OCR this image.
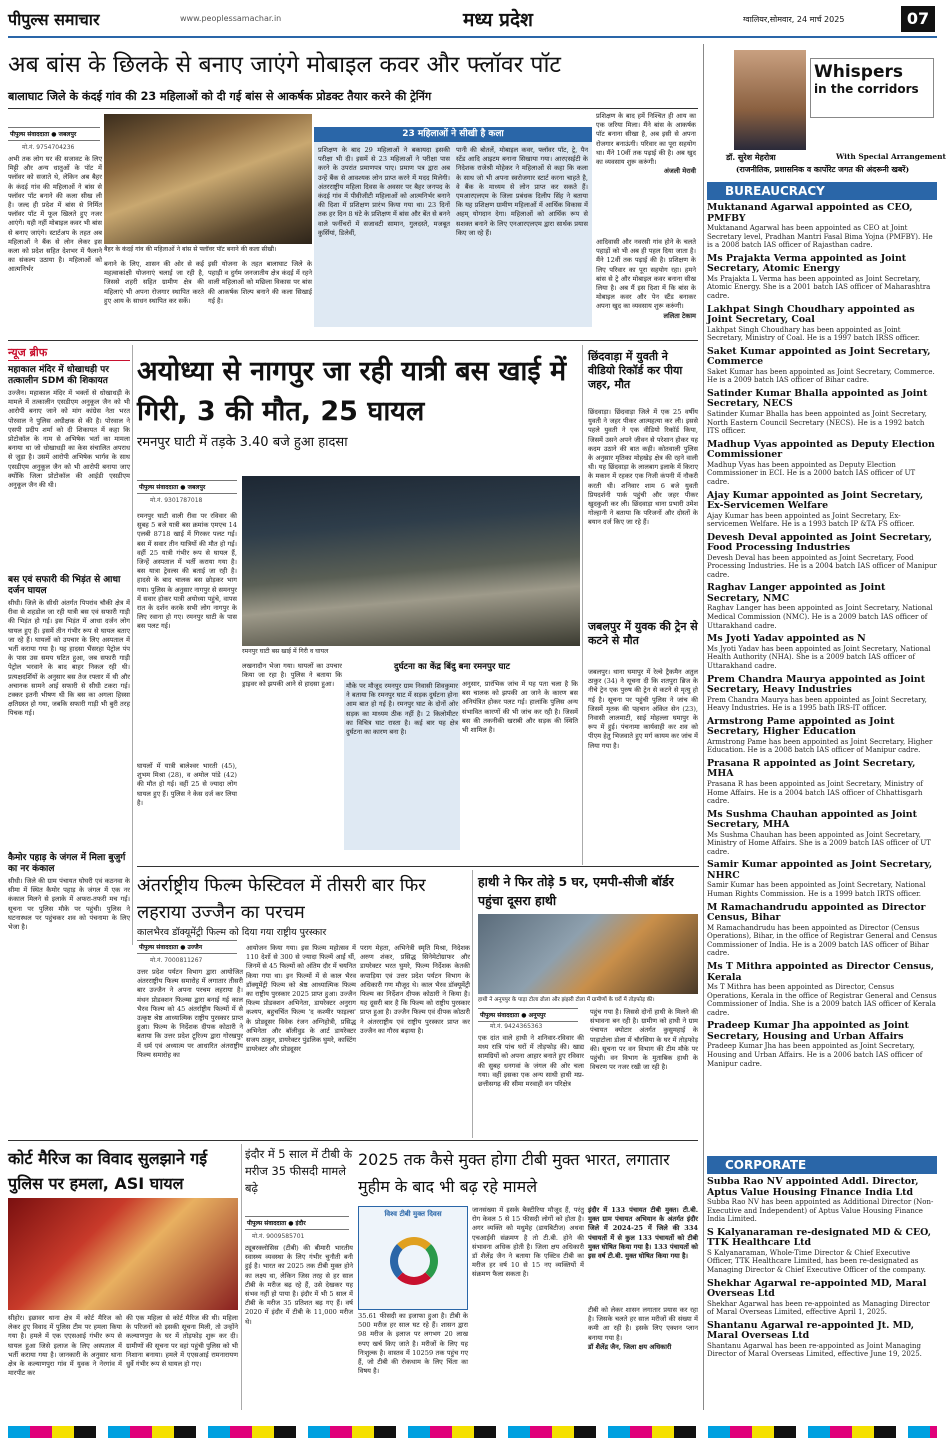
पीपुल्स समाचार	www.peoplessamachar.in	मध्य प्रदेश	ग्वालियर,सोमवार, 24 मार्च 2025	07
अब बांस के छिलके से बनाए जाएंगे मोबाइल कवर और फ्लॉवर पॉट
बालाघाट जिले के कंदई गांव की 23 महिलाओं को दी गई बांस से आकर्षक प्रोडक्ट तैयार करने की ट्रेनिंग
पीपुल्स संवाददाता ● जबलपुर
मो.नं. 9754704236
अभी तक लोग घर की सजावट के लिए मिट्टी और अन्य धातुओं के पॉट में फ्लॉवर को सजाते थे, लेकिन अब बैहर के कंदई गांव की महिलाओं ने बांस से फ्लॉवर पॉट बनाने की कला सीख ली है। जल्द ही प्रदेश में बांस से निर्मित फ्लॉवर पॉट में फूल खिलते हुए नजर आएंगे। यही नहीं मोबाइल कवर भी बांस से बनाए जाएंगे। स्टार्टअप के तहत अब महिलाओं ने बैंक से लोन लेकर इस कला को प्रदेश सहित देशभर में फैलाने का संकल्प उठाया है। महिलाओं को आत्मनिर्भर
बैहर के कंदई गांव की महिलाओं ने बांस से फ्लॉवर पॉट बनाने की कला सीखी।
बनाने के लिए, शासन की ओर से कई महत्वाकांक्षी योजनाएं चलाई जा रही है, जिससे शहरी सहित ग्रामीण क्षेत्र की महिलाएं भी अपना रोजगार स्थापित करते हुए आय के साधन स्थापित कर सकें।
इसी योजना के तहत बालाघाट जिले के पहाड़ी व दुर्गम जनजातीय क्षेत्र कंदई में रहने वाली महिलाओं को मछिला विकास पर बांस की आकर्षक शिल्प बनाने की कला सिखाई गई है।
23 महिलाओं ने सीखी है कला
प्रशिक्षण के बाद 29 महिलाओं ने बकायदा इसकी परीक्षा भी दी। इसमें से 23 महिलाओं ने परीक्षा पास करने के उपरांत प्रमाणपत्र पाए। प्रमाण पत्र द्वारा अब उन्हें बैंक से आवश्यक लोन प्राप्त करने में मदद मिलेगी। अंतरराष्ट्रीय महिला दिवस के अवसर पर बैहर जनपद के कंदई गांव में पीवीजीटी महिलाओं को आत्मनिर्भर बनाने की दिशा में प्रशिक्षण प्रारंभ किया गया था। 23 दिनों तक हर दिन 8 घंटे के प्रशिक्षण में बांस और बेंत से बनने वाले फर्नीचरों में सजावटी सामान, गुलदस्ते, मजबूत कुर्सियां, डिलेवीं,
पानी की बोतलें, मोबाइल कवर, फ्लॉवर पॉट, ट्रे, पैन स्टेंड आदि आइटम बनाना सिखाया गया। आरएसईटी के निदेशक राजेश्री मोहेकर ने महिलाओं से कहा कि कला के साथ जो भी अपना स्वरोजगार स्टार्ट करना चाहते है, वे बैंक के माध्यम से लोन प्राप्त कर सकते हैं। एमआरएलएम के जिला प्रबंधक दिलीप सिंह ने बताया कि यह प्रशिक्षण ग्रामीण महिलाओं में आर्थिक विकास में अहम् योगदान देगा। महिलाओं को आर्थिक रूप से सशक्त बनाने के लिए एनआरएलएम द्वारा सार्थक प्रयास किए जा रहे हैं।
प्रशिक्षण के बाद हमें निश्चित ही आय का एक जरिया मिला। मैंने बांस के आकर्षक पॉट बनाना सीखा है, अब इसी से अपना रोजगार बनाऊंगी। परिवार का पूरा सहयोग था। मैंने 10वीं तक पढ़ाई की है। अब खुद का व्यवसाय शुरू करूंगी।
अंजली मेरावी
आदिवासी और नवरसी गांव होने के चलते पहाड़ों को भी अब ही पहल दिया जाता है। मैंने 12वीं तक पढ़ाई की है। प्रशिक्षण के लिए परिवार का पूरा सहयोग रहा। हमने बांस से ट्रे और मोबाइल कवर बनाना सीख लिया है। अब मैं इस दिशा में कि बांस के मोबाइल कवर और पेन स्टैंड बनाकर अपना खुद का व्यवसाय शुरू करूंगी।
ललिता टेकाम
न्यूज ब्रीफ
महाकाल मंदिर में धोखाधड़ी पर तत्कालीन SDM की शिकायत
उज्जैन। महाकाल मंदिर में भक्तों से धोखाधड़ी के मामले में तत्कालीन एसडीएम अनुकूल जैन को भी आरोपी बनाए जाने को मांग कांग्रेस नेता भरत पोरवाल ने पुलिस अधीक्षक से की है। पोरवाल ने एसपी प्रदीप शर्मा को दी शिकायत में कहा कि प्रोटोकॉल के नाम से अभिषेक भर्ता का मामला बनाया था जो धोखाधड़ी का केस संचालित अपराध से जुड़ा है। उसमें आरोपी अभिषेक भार्गव के साथ एसडीएम अनुकूल जैन को भी आरोपी बनाया जाए क्योंकि जिला प्रोटोकॉल की आईडी एसडीएम अनुकूल जैन की थी।
बस एवं सफारी की भिड़ंत से आधा दर्जन घायल
सीधी। जिले के सीधी अंतर्गत पिपरांव चौकी क्षेत्र में रीवा से शहडोल जा रही यात्री बस एवं सफारी गाड़ी की भिड़ंत हो गई। इस भिड़ंत में आधा दर्जन लोग घायल हुए हैं। इसमें तीन गंभीर रूप से घायल बताए जा रहे हैं। घायलों को उपचार के लिए अस्पताल में भर्ती कराया गया है। यह हादसा भैंसरहा पेट्रोल पंप के पास उस समय घटित हुआ, जब सफारी गाड़ी पेट्रोल भरवाने के बाद बाहर निकल रही थी। प्रत्यक्षदर्शियों के अनुसार बस तेज रफ्तार में थी और अचानक सामने आई सफारी से सीधी टकरा गई। टक्कर इतनी भीषण थी कि बस का अगला हिस्सा क्षतिग्रस्त हो गया, जबकि सफारी गाड़ी भी बुरी तरह पिचक गई।
कैमोर पहाड़ के जंगल में मिला बुजुर्ग का नर कंकाल
सीधी। जिले की ग्राम पंचायत घोघरी एवं कठनवा के सीमा में स्थित कैमोर पहाड़ के जंगल में एक नर कंकाल मिलने से इलाके में अफरा-तफरी मच गई। सूचना पर पुलिस मौके पर पहुंची। पुलिस ने घटनास्थल पर पहुंचकर शव को पंचनामा के लिए भेजा है।
अयोध्या से नागपुर जा रही यात्री बस खाई में गिरी, 3 की मौत, 25 घायल
रमनपुर घाटी में तड़के 3.40 बजे हुआ हादसा
पीपुल्स संवाददाता ● जबलपुर
मो.नं. 9301787018
रमनपुर घाटी वाली रीवा पर रविवार की सुबह 5 बजे यात्री बस क्रमांक एमएच 14 एलबी 8718 खाई में गिरकर पलट गई। बस में सवार तीन यात्रियों की मौत हो गई। वहीं 25 यात्री गंभीर रूप से घायल हैं, जिन्हें अस्पताल में भर्ती कराया गया है। बस यात्रा ट्रेवल्स की बताई जा रही है। हादसे के बाद चालक बस छोड़कर भाग गया। पुलिस के अनुसार नागपुर से समनपुर में सवार होकर यात्री अयोध्या पहुंचे, वापस रात के दर्शन करके सभी लोग नागपुर के लिए रवाना हो गए। रमनपुर घाटी के पास बस पलट गई।
रमनपुर घाटी बस खाई में गिरी व घायल
घायलों में यात्री बालेश्वर भारती (45), शुभम मिश्रा (28), व अमोल पांडे (42) की मौत हो गई। वहीं 25 से ज्यादा लोग घायल हुए हैं। पुलिस ने केस दर्ज कर लिया है।
लखनादौन भेजा गया। घायलों का उपचार किया जा रहा है। पुलिस ने बताया कि ड्राइवर को झपकी आने से हादसा हुआ।
दुर्घटना का केंद्र बिंदु बना रमनपुर घाट
मौके पर मौजूद रमनपुर ग्राम निवासी शिवकुमार ने बताया कि रमनपुर घाट में सड़क दुर्घटना होना आम बात हो गई है। रमनपुर घाट के दोनों ओर सड़क का माध्यम ठीक नहीं है। 2 किलोमीटर का विचित्र घाट रास्ता है। कई बार यह क्षेत्र दुर्घटना का कारण बना है।
अनुसार, प्रारंभिक जांच में यह पता चला है कि बस चालक को झपकी आ जाने के कारण बस अनियंत्रित होकर पलट गई। हालांकि पुलिस अन्य संभावित कारणों की भी जांच कर रही है। जिसमें बस की तकनीकी खराबी और सड़क की स्थिति भी शामिल है।
छिंदवाड़ा में युवती ने वीडियो रिकॉर्ड कर पीया जहर, मौत
छिंदवाड़ा। छिंदवाड़ा जिले में एक 25 वर्षीय युवती ने जहर पीकर आत्महत्या कर ली। इससे पहले युवती ने एक वीडियो रिकॉर्ड किया, जिसमें उसने अपने जीवन से परेशान होकर यह कदम उठाने की बात कही। कोतवाली पुलिस के अनुसार मृतिका मोहखेड़ क्षेत्र की रहने वाली थी। यह छिंदवाड़ा के लालबाग इलाके में किराए के मकान में रहकर एक निजी कंपनी में नौकरी करती थी। शनिवार शाम 6 बजे युवती प्रियदर्शनी पार्क पहुंची और जहर पीकर खुदकुशी कर ली। छिंदवाड़ा थाना प्रभारी उमेश गोल्हानी ने बताया कि परिजनों और दोस्तों के बयान दर्ज किए जा रहे हैं।
जबलपुर में युवक की ट्रेन से कटने से मौत
जबलपुर। थाना घमापुर में रेल्वे ट्रैकमैन अतुल ठाकुर (34) ने सूचना दी कि शतपुरा ब्रिज के नीचे ट्रेन एक पुरुष की ट्रेन से कटने से मृत्यु हो गई है। सूचना पर पहुंची पुलिस ने जांच की जिसमें मृतक की पहचान अंकित सेन (23), निवासी लालमाटी, साई मोहल्ला घमापुर के रूप में हुई। पंचनामा कार्यवाही कर शव को पीएम हेतु भिजवाते हुए मर्ग कायम कर जांच में लिया गया है।
अंतर्राष्ट्रीय फिल्म फेस्टिवल में तीसरी बार फिर लहराया उज्जैन का परचम
कालभैरव डॉक्यूमेंट्री फिल्म को दिया गया राष्ट्रीय पुरस्कार
पीपुल्स संवाददाता ● उज्जैन
मो.नं. 7000811267
उत्तर प्रदेश पर्यटन विभाग द्वारा आयोजित अंतरराष्ट्रीय फिल्म समारोह में लगातार तीसरी बार उज्जैन ने अपना परचम लहराया है। मंथन प्रोडक्शन फिल्म्स द्वारा बनाई गई काल भैरव फिल्म को 45 अंतर्राष्ट्रीय फिल्मों में से उत्कृष्ट श्रेष्ठ आध्यात्मिक राष्ट्रीय पुरस्कार प्राप्त हुआ। फिल्म के निर्देशक दीपक कोठारी ने बताया कि उत्तर प्रदेश टूरिज्म द्वारा गोरखपुर में धर्म एवं अध्यात्म पर आधारित अंतराष्ट्रीय फिल्म समारोह का
आयोजन किया गया। इस फिल्म महोत्सव में 110 देशों से 300 से ज्यादा फिल्में आईं थीं, जिनमें से 45 फिल्मों को अंतिम दौर में चयनित किया गया था। इन फिल्मों में से काल भैरव डॉक्यूमेंट्री फिल्म को श्रेष्ठ आध्यात्मिक फिल्म का राष्ट्रीय पुरस्कार 2025 प्राप्त हुआ। उज्जैन फिल्म प्रोडक्शन अभिनेता, डायरेक्टर अनुराग कश्यप, बहुचर्चित फिल्म 'द कश्मीर फाइल्स' के प्रोड्यूसर विवेक रंजन अग्निहोत्री, प्रसिद्ध अभिनेता और बॉलीवुड के आर्ट डायरेक्टर सजय ठाकुर, डायरेक्टर पुंडलिक घुमरे, कास्टिंग डायरेक्टर और प्रोड्यूसर
पराग मेहता, अभिनेत्री स्मृति मिश्रा, निदेशक अरुण शंकर, प्रसिद्ध सिनेमेटोग्राफर और डायरेक्टर भरत घुमरे, फिल्म निर्देशक केतकी कपाड़िया एवं उत्तर प्रदेश पर्यटन विभाग के अधिकारी गण मौजूद थे। काल भैरव डॉक्यूमेंट्री फिल्म का निर्देशन दीपक कोठारी ने किया है। यह दूसरी बार है कि फिल्म को राष्ट्रीय पुरस्कार प्राप्त हुआ है। उज्जैन फिल्म एवं दीपक कोठारी ने अंतरराष्ट्रीय एवं राष्ट्रीय पुरस्कार प्राप्त कर उज्जैन का गौरव बढ़ाया है।
हाथी ने फिर तोड़े 5 घर, एमपी-सीजी बॉर्डर पहुंचा दूसरा हाथी
हाथी ने अनूपपुर के पाड़ा टोला ढोला और झंझरी टोला में ग्रामीणों के घरों में तोड़फोड़ की।
पीपुल्स संवाददाता ● अनूपपुर
मो.नं. 9424365363
एक दांत वाले हाथी ने शनिवार-रविवार की मध्य रात्रि पांच घरों में तोड़फोड़ की। खाद्य सामग्रियों को अपना आहार बनाते हुए रविवार की सुबह धनगवां के जंगल की ओर चला गया। वहीं इसका एक अन्य साथी हाथी मप्र-छत्तीसगढ़ की सीमा मरवाही वन परिक्षेत्र
पहुंच गया है। जिससे दोनों हाथी के मिलने की संभावना बन रही है। ग्रामीण को हाथी ने ग्राम पंचायत क्योटार अंतर्गत कुसुमहाई के पाड़ाटोला डोला में चौरसिया के घर में तोड़फोड़ की। सूचना पर वन विभाग की टीम मौके पर पहुंची। वन विभाग के मुताबिक हाथी के विचरण पर नजर रखी जा रही है।
कोर्ट मैरिज का विवाद सुलझाने गई पुलिस पर हमला, ASI घायल
सीहोर। इछावर थाना क्षेत्र में कोर्ट मैरिज को लेकर हुए विवाद में पुलिस टीम पर हमला किया गया है। हमले में एक एएसआई गंभीर रूप से घायल हुआ जिसे इलाज के लिए अस्पताल में भर्ती कराया गया है। जानकारी के अनुसार थाना क्षेत्र के कल्याणपुरा गांव में युवक ने नेरगांव में मारपीट कर
की एक महिला से कोर्ट मैरिज की थी। महिला के परिजनों को इसकी सूचना मिली, तो उन्होंने कल्याणपुरा के घर में तोड़फोड़ शुरू कर दी। ग्रामीणों की सूचना पर वहां पहुंची पुलिस को भी निशाना बनाया। हमले में एएसआई रामनारायण धुर्वे गंभीर रूप से घायल हो गए।
इंदौर में 5 साल में टीबी के मरीज 35 फीसदी मामले बढ़े
पीपुल्स संवाददाता ● इंदौर
मो.नं. 9009585701
ट्यूबरक्लोसिस (टीबी) की बीमारी भारतीय स्वास्थ्य व्यवस्था के लिए गंभीर चुनौती बनी हुई है। भारत का 2025 तक टीबी मुक्त होने का लक्ष्य था, लेकिन जिस तरह से हर साल टीबी के मरीज बढ़ रहे हैं, उसे देखकर यह संभव नहीं हो पाया है। इंदौर में भी 5 साल में टीबी के मरीज 35 प्रतिशत बढ़ गए हैं। वर्ष 2020 में इंदौर में टीबी के 11,000 मरीज थे।
2025 तक कैसे मुक्त होगा टीबी मुक्त भारत, लगातार मुहीम के बाद भी बढ़ रहे मामले
विश्व टीबी मुक्त दिवस
35.61 फीसदी का इजाफा हुआ है। टीबी के 500 मरीज हर साल घट रहे हैं। शासन द्वारा 98 मरीज के इलाज पर लगभग 20 लाख रुपए खर्च किए जाते है। मरीजों के लिए यह निःशुल्क है। वास्तव में 10259 तक पहुंच गए हैं, जो टीबी की रोकथाम के लिए चिंता का विषय है।
जानसंख्या में इसके बैक्टीरिया मौजूद हैं, परंतु रोग केवल 5 से 15 फीसदी लोगों को होता है। अगर व्यक्ति को मधुमेह (डायबिटीज) अथवा एचआईवी संक्रमण है तो टी.बी. होने की संभावना अधिक होती है। जिला क्षय अधिकारी डॉ शैलेंद्र जैन ने बताया कि एक्टिव टीबी का मरीज हर वर्ष 10 से 15 नए व्यक्तियों में संक्रमण फैला सकता है।
इंदौर में 133 पंचायत टीबी मुक्त। टी.बी. मुक्त ग्राम पंचायत अभियान के अंतर्गत इंदौर जिले में 2024-25 में जिले की 334 पंचायतों में से कुल 133 पंचायतों को टीबी मुक्त घोषित किया गया है। 133 पंचायतों को इस वर्ष टी.बी. मुक्त घोषित किया गया है।
टीबी को लेकर शासन लगातार प्रयास कर रहा है। जिसके चलते हर साल मरीजों की संख्या में कमी आ रही है। इसके लिए एक्शन प्लान बनाया गया है।
डॉ शैलेंद्र जैन, जिला क्षय अधिकारी
Whispers
in the corridors
डॉ. सुरेश मेहरोत्रा	With Special Arrangement
(राजनीतिक, प्रशासनिक व कार्पोरेट जगत की अंदरूनी खबरें)
BUREAUCRACY
Muktanand Agarwal appointed as CEO, PMFBY
Muktanand Agarwal has been appointed as CEO at Joint Secretary level, Pradhan Mantri Fasal Bima Yojna (PMFBY). He is a 2008 batch IAS officer of Rajasthan cadre.
Ms Prajakta Verma appointed as Joint Secretary, Atomic Energy
Ms Prajakta L Verma has been appointed as Joint Secretary, Atomic Energy. She is a 2001 batch IAS officer of Maharashtra cadre.
Lakhpat Singh Choudhary appointed as Joint Secretary, Coal
Lakhpat Singh Choudhary has been appointed as Joint Secretary, Ministry of Coal. He is a 1997 batch IRSS officer.
Saket Kumar appointed as Joint Secretary, Commerce
Saket Kumar has been appointed as Joint Secretary, Commerce. He is a 2009 batch IAS officer of Bihar cadre.
Satinder Kumar Bhalla appointed as Joint Secretary, NECS
Satinder Kumar Bhalla has been appointed as Joint Secretary, North Eastern Council Secretary (NECS). He is a 1992 batch ITS officer.
Madhup Vyas appointed as Deputy Election Commissioner
Madhup Vyas has been appointed as Deputy Election Commissioner in ECI. He is a 2000 batch IAS officer of UT cadre.
Ajay Kumar appointed as Joint Secretary, Ex-Servicemen Welfare
Ajay Kumar has been appointed as Joint Secretary, Ex-servicemen Welfare. He is a 1993 batch IP &TA FS officer.
Devesh Deval appointed as Joint Secretary, Food Processing Industries
Devesh Deval has been appointed as Joint Secretary, Food Processing Industries. He is a 2004 batch IAS officer of Manipur cadre.
Raghav Langer appointed as Joint Secretary, NMC
Raghav Langer has been appointed as Joint Secretary, National Medical Commission (NMC). He is a 2009 batch IAS officer of Uttarakhand cadre.
Ms Jyoti Yadav appointed as N
Ms Jyoti Yadav has been appointed as Joint Secretary, National Health Authority (NHA). She is a 2009 batch IAS officer of Uttarakhand cadre.
Prem Chandra Maurya appointed as Joint Secretary, Heavy Industries
Prem Chandra Maurya has been appointed as Joint Secretary, Heavy Industries. He is a 1995 bath IRS-IT officer.
Armstrong Pame appointed as Joint Secretary, Higher Education
Armstrong Pame has been appointed as Joint Secretary, Higher Education. He is a 2008 batch IAS officer of Manipur cadre.
Prasana R appointed as Joint Secretary, MHA
Prasana R has been appointed as Joint Secretary, Ministry of Home Affairs. He is a 2004 batch IAS officer of Chhattisgarh cadre.
Ms Sushma Chauhan appointed as Joint Secretary, MHA
Ms Sushma Chauhan has been appointed as Joint Secretary, Ministry of Home Affairs. She is a 2009 batch IAS officer of UT cadre.
Samir Kumar appointed as Joint Secretary, NHRC
Samir Kumar has been appointed as Joint Secretary, National Human Rights Commission. He is a 1999 batch IRTS officer.
M Ramachandrudu appointed as Director Census, Bihar
M Ramachandrudu has been appointed as Director (Census Operations), Bihar, in the office of Registrar General and Census Commissioner of India. He is a 2009 batch IAS officer of Bihar cadre.
Ms T Mithra appointed as Director Census, Kerala
Ms T Mithra has been appointed as Director, Census Operations, Kerala in the office of Registrar General and Census Commissioner of India. She is a 2009 batch IAS officer of Kerala cadre.
Pradeep Kumar Jha appointed as Joint Secretary, Housing and Urban Affairs
Pradeep Kumar Jha has been appointed as Joint Secretary, Housing and Urban Affairs. He is a 2006 batch IAS officer of Manipur cadre.
CORPORATE
Subba Rao NV appointed Addl. Director, Aptus Value Housing Finance India Ltd
Subba Rao NV has been appointed as Additional Director (Non-Executive and Independent) of Aptus Value Housing Finance India Limited.
S Kalyanaraman re-designated MD & CEO, TTK Healthcare Ltd
S Kalyanaraman, Whole-Time Director & Chief Executive Officer, TTK Healthcare Limited, has been re-designated as Managing Director & Chief Executive Officer of the company.
Shekhar Agarwal re-appointed MD, Maral Overseas Ltd
Shekhar Agarwal has been re-appointed as Managing Director of Maral Overseas Limited, effective April 1, 2025.
Shantanu Agarwal re-appointed Jt. MD, Maral Overseas Ltd
Shantanu Agarwal has been re-appointed as Joint Managing Director of Maral Overseas Limited, effective June 19, 2025.
